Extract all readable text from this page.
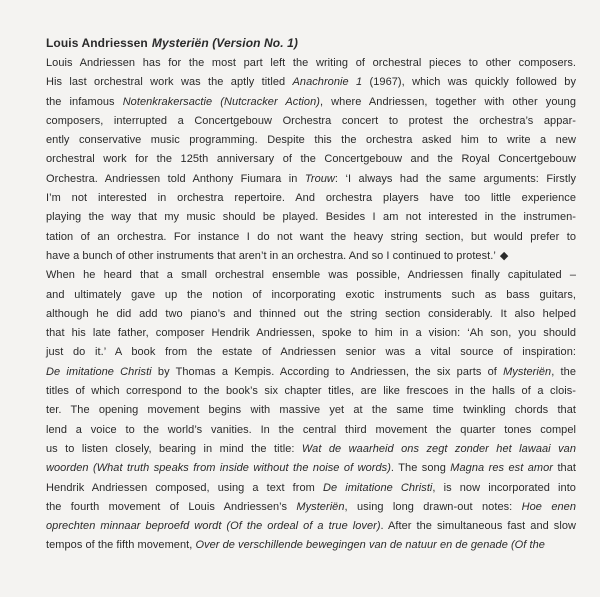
Louis Andriessen Mysteriën (Version No. 1)
Louis Andriessen has for the most part left the writing of orchestral pieces to other composers.
His last orchestral work was the aptly titled Anachronie 1 (1967), which was quickly followed by
the infamous Notenkrakersactie (Nutcracker Action), where Andriessen, together with other young
composers, interrupted a Concertgebouw Orchestra concert to protest the orchestra’s appar-
ently conservative music programming. Despite this the orchestra asked him to write a new
orchestral work for the 125th anniversary of the Concertgebouw and the Royal Concertgebouw
Orchestra. Andriessen told Anthony Fiumara in Trouw: ‘I always had the same arguments: Firstly
I’m not interested in orchestra repertoire. And orchestra players have too little experience
playing the way that my music should be played. Besides I am not interested in the instrumen-
tation of an orchestra. For instance I do not want the heavy string section, but would prefer to
have a bunch of other instruments that aren’t in an orchestra. And so I continued to protest.’ ◆
When he heard that a small orchestral ensemble was possible, Andriessen finally capitulated –
and ultimately gave up the notion of incorporating exotic instruments such as bass guitars,
although he did add two piano’s and thinned out the string section considerably. It also helped
that his late father, composer Hendrik Andriessen, spoke to him in a vision: ‘Ah son, you should
just do it.’ A book from the estate of Andriessen senior was a vital source of inspiration:
De imitatione Christi by Thomas a Kempis. According to Andriessen, the six parts of Mysteriën, the
titles of which correspond to the book’s six chapter titles, are like frescoes in the halls of a clois-
ter. The opening movement begins with massive yet at the same time twinkling chords that
lend a voice to the world’s vanities. In the central third movement the quarter tones compel
us to listen closely, bearing in mind the title: Wat de waarheid ons zegt zonder het lawaai van
woorden (What truth speaks from inside without the noise of words). The song Magna res est amor that
Hendrik Andriessen composed, using a text from De imitatione Christi, is now incorporated into
the fourth movement of Louis Andriessen’s Mysteriën, using long drawn-out notes: Hoe enen
oprechten minnaar beproefd wordt (Of the ordeal of a true lover). After the simultaneous fast and slow
tempos of the fifth movement, Over de verschillende bewegingen van de natuur en de genade (Of the
